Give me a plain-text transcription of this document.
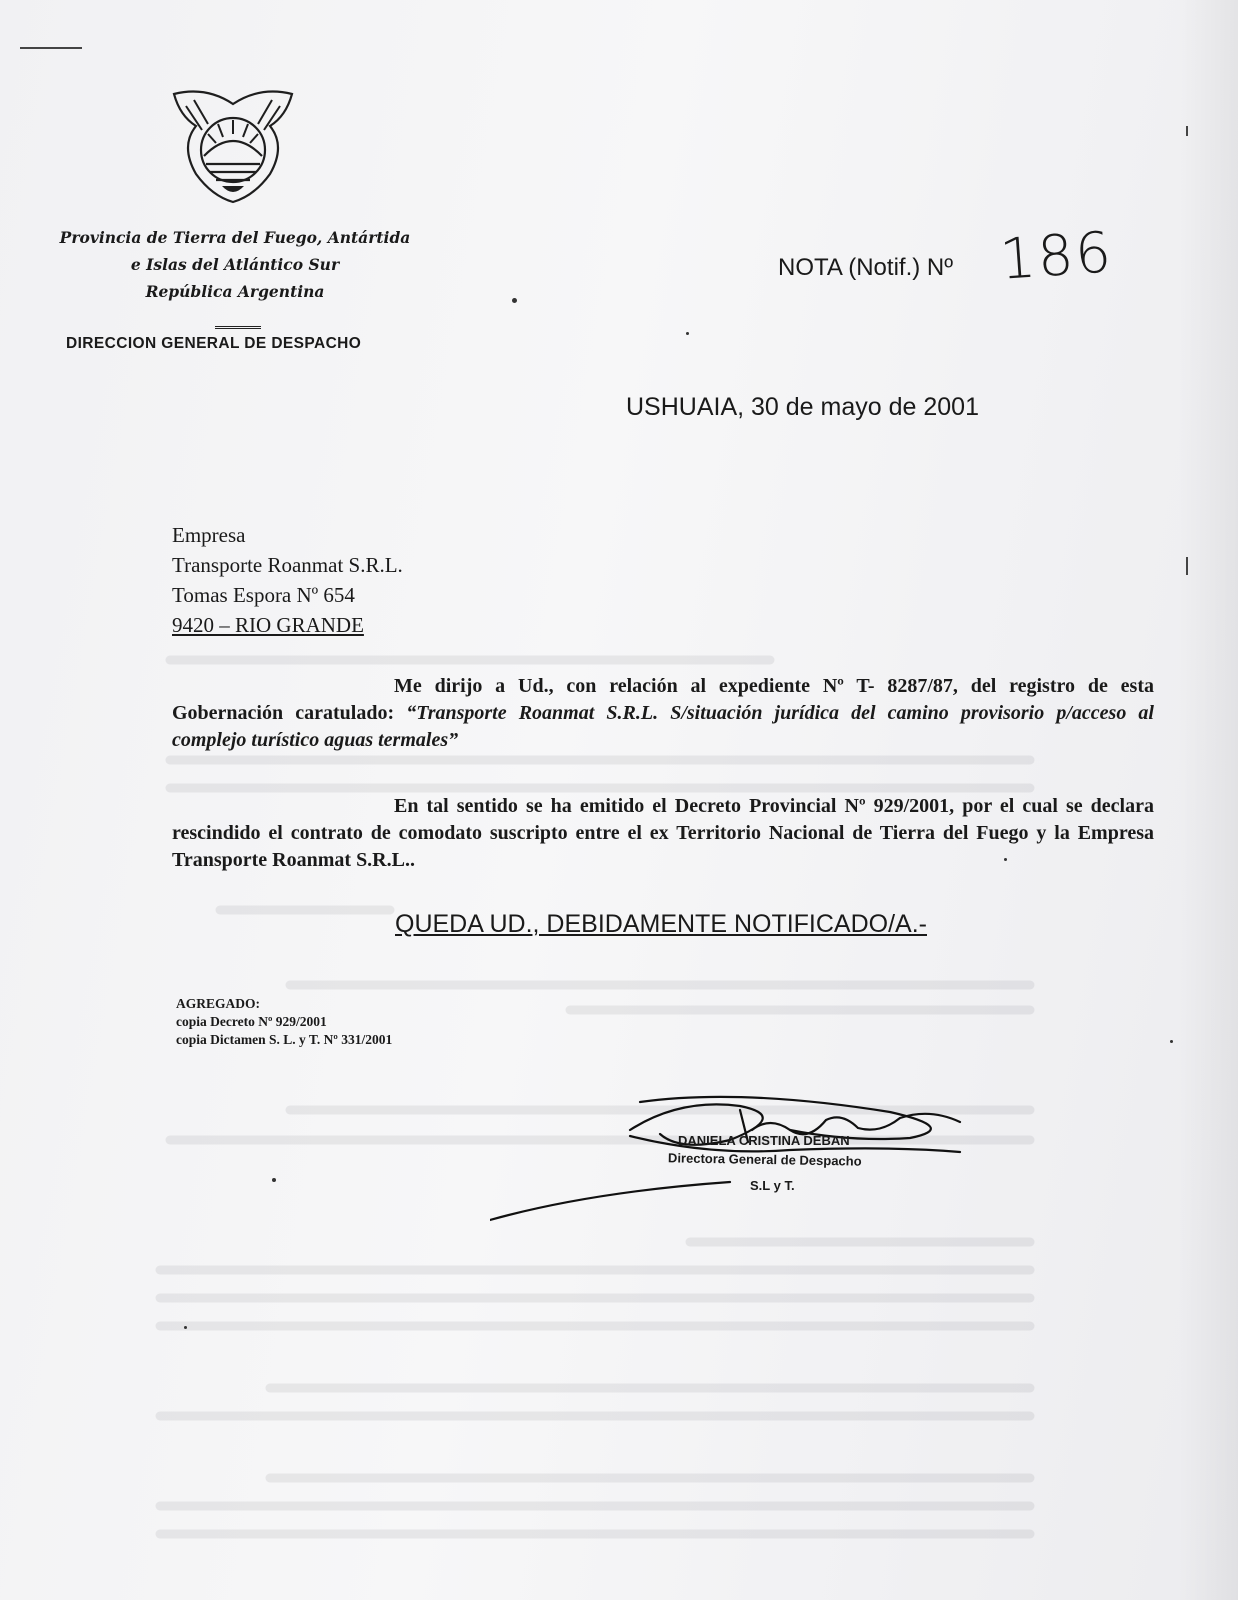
Provincia de Tierra del Fuego, Antártida
e Islas del Atlántico Sur
República Argentina
DIRECCION GENERAL DE DESPACHO
NOTA (Notif.) Nº 186
USHUAIA, 30 de mayo de 2001
Empresa
Transporte Roanmat S.R.L.
Tomas Espora Nº 654
9420 – RIO GRANDE
Me dirijo a Ud., con relación al expediente Nº T- 8287/87, del registro de esta Gobernación caratulado: “Transporte Roanmat S.R.L. S/situación jurídica del camino provisorio p/acceso al complejo turístico aguas termales”
En tal sentido se ha emitido el Decreto Provincial Nº 929/2001, por el cual se declara rescindido el contrato de comodato suscripto entre el ex Territorio Nacional de Tierra del Fuego y la Empresa Transporte Roanmat S.R.L..
QUEDA UD., DEBIDAMENTE NOTIFICADO/A.-
AGREGADO:
copia Decreto Nº 929/2001
copia Dictamen S. L. y T. Nº 331/2001
DANIELA CRISTINA DEBAN
Directora General de Despacho
S.L y T.
